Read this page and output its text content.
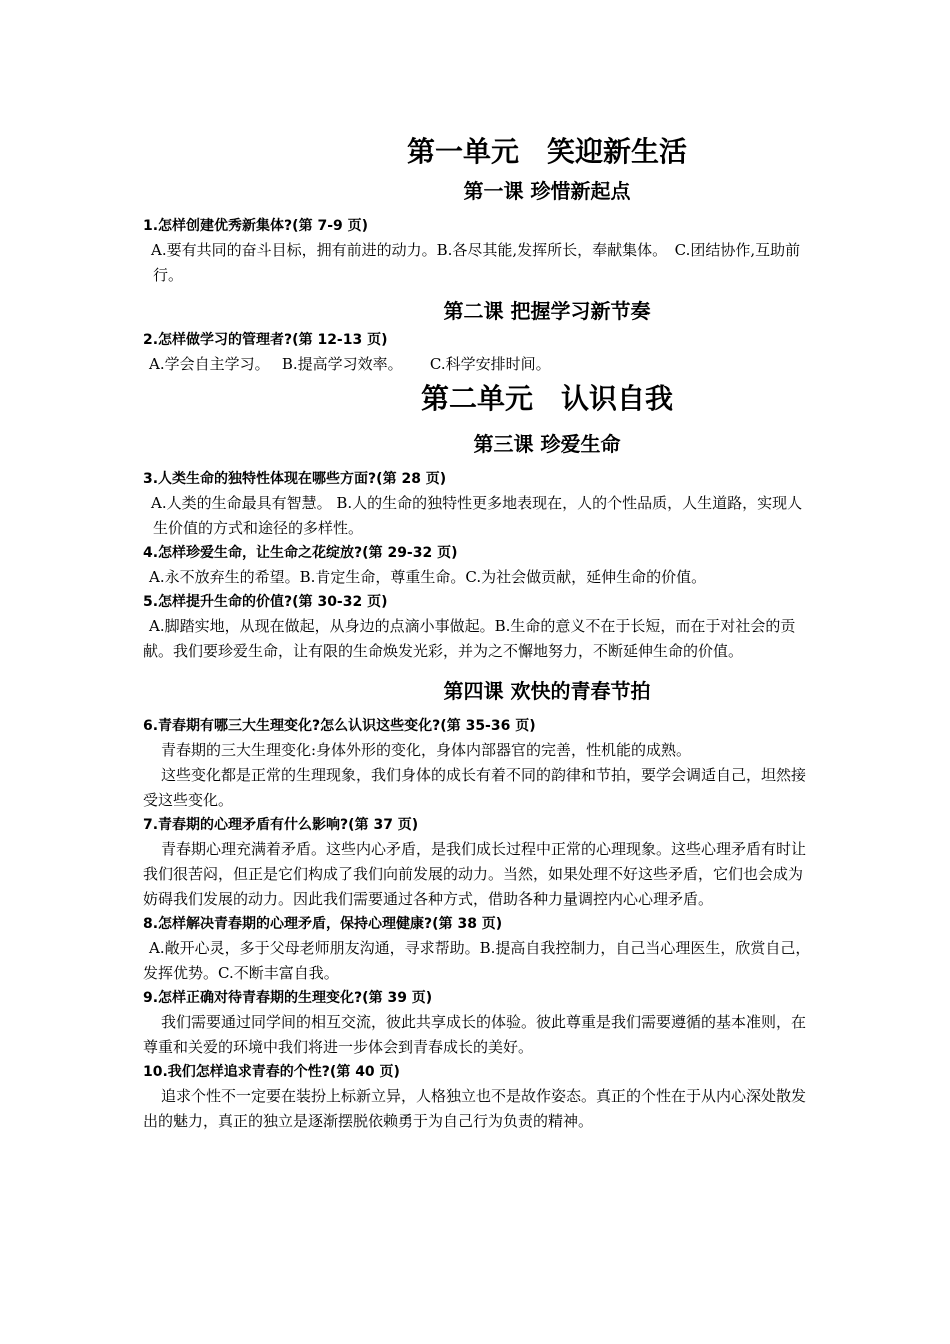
第一单元　笑迎新生活
第一课 珍惜新起点

1.怎样创建优秀新集体?(第 7-9 页)

A.要有共同的奋斗目标，拥有前进的动力。B.各尽其能,发挥所长，奉献集体。　C.团结协作,互助前行。

第二课 把握学习新节奏

2.怎样做学习的管理者?(第 12-13 页)

A.学会自主学习。　 B.提高学习效率。　　 C.科学安排时间。

第二单元　认识自我
第三课 珍爱生命

3.人类生命的独特性体现在哪些方面?(第 28 页)

A.人类的生命最具有智慧。 B.人的生命的独特性更多地表现在，人的个性品质，人生道路，实现人生价值的方式和途径的多样性。

4.怎样珍爱生命，让生命之花绽放?(第 29-32 页)

A.永不放弃生的希望。B.肯定生命，尊重生命。C.为社会做贡献，延伸生命的价值。

5.怎样提升生命的价值?(第 30-32 页)

A.脚踏实地，从现在做起，从身边的点滴小事做起。B.生命的意义不在于长短，而在于对社会的贡献。我们要珍爱生命，让有限的生命焕发光彩，并为之不懈地努力，不断延伸生命的价值。

第四课 欢快的青春节拍

6.青春期有哪三大生理变化?怎么认识这些变化?(第 35-36 页)

青春期的三大生理变化:身体外形的变化，身体内部器官的完善，性机能的成熟。

这些变化都是正常的生理现象，我们身体的成长有着不同的韵律和节拍，要学会调适自己，坦然接受这些变化。

7.青春期的心理矛盾有什么影响?(第 37 页)

青春期心理充满着矛盾。这些内心矛盾，是我们成长过程中正常的心理现象。这些心理矛盾有时让我们很苦闷，但正是它们构成了我们向前发展的动力。当然，如果处理不好这些矛盾，它们也会成为妨碍我们发展的动力。因此我们需要通过各种方式，借助各种力量调控内心心理矛盾。

8.怎样解决青春期的心理矛盾，保持心理健康?(第 38 页)

A.敞开心灵，多于父母老师朋友沟通，寻求帮助。B.提高自我控制力，自己当心理医生，欣赏自己，发挥优势。C.不断丰富自我。

9.怎样正确对待青春期的生理变化?(第 39 页)

我们需要通过同学间的相互交流，彼此共享成长的体验。彼此尊重是我们需要遵循的基本准则，在尊重和关爱的环境中我们将进一步体会到青春成长的美好。

10.我们怎样追求青春的个性?(第 40 页)

追求个性不一定要在装扮上标新立异，人格独立也不是故作姿态。真正的个性在于从内心深处散发出的魅力，真正的独立是逐渐摆脱依赖勇于为自己行为负责的精神。
